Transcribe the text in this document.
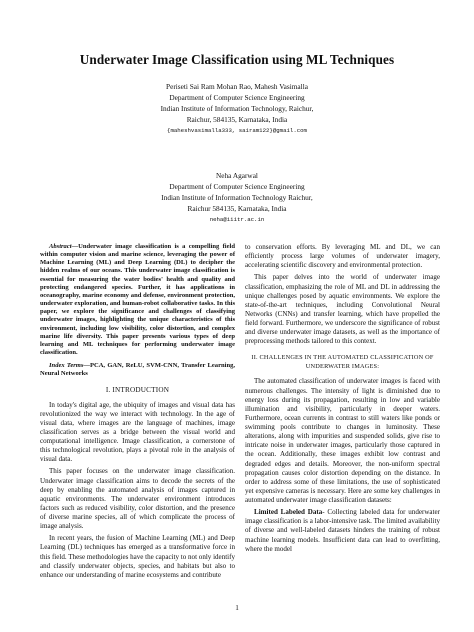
Underwater Image Classification using ML Techniques
Periseti Sai Ram Mohan Rao, Mahesh Vasimalla
Department of Computer Science Engineering
Indian Institute of Information Technology, Raichur,
Raichur, 584135, Karnataka, India
{maheshvasimalla333, sairam122}@gmail.com
Neha Agarwal
Department of Computer Science Engineering
Indian Institute of Information Technology Raichur,
Raichur 584135, Karnataka, India
neha@iiitr.ac.in
Abstract—Underwater image classification is a compelling field within computer vision and marine science, leveraging the power of Machine Learning (ML) and Deep Learning (DL) to decipher the hidden realms of our oceans. This underwater image classification is essential for measuring the water bodies' health and quality and protecting endangered species. Further, it has applications in oceanography, marine economy and defense, environment protection, underwater exploration, and human-robot collaborative tasks. In this paper, we explore the significance and challenges of classifying underwater images, highlighting the unique characteristics of this environment, including low visibility, color distortion, and complex marine life diversity. This paper presents various types of deep learning and ML techniques for performing underwater image classification.
Index Terms—PCA, GAN, ReLU, SVM-CNN, Transfer Learning, Neural Networks
I. INTRODUCTION

In today's digital age, the ubiquity of images and visual data has revolutionized the way we interact with technology. In the age of visual data, where images are the language of machines, image classification serves as a bridge between the visual world and computational intelligence. Image classification, a cornerstone of this technological revolution, plays a pivotal role in the analysis of visual data.

This paper focuses on the underwater image classification. Underwater image classification aims to decode the secrets of the deep by enabling the automated analysis of images captured in aquatic environments. The underwater environment introduces factors such as reduced visibility, color distortion, and the presence of diverse marine species, all of which complicate the process of image analysis.

In recent years, the fusion of Machine Learning (ML) and Deep Learning (DL) techniques has emerged as a transformative force in this field. These methodologies have the capacity to not only identify and classify underwater objects, species, and habitats but also to enhance our understanding of marine ecosystems and contribute

to conservation efforts. By leveraging ML and DL, we can efficiently process large volumes of underwater imagery, accelerating scientific discovery and environmental protection.

This paper delves into the world of underwater image classification, emphasizing the role of ML and DL in addressing the unique challenges posed by aquatic environments. We explore the state-of-the-art techniques, including Convolutional Neural Networks (CNNs) and transfer learning, which have propelled the field forward. Furthermore, we underscore the significance of robust and diverse underwater image datasets, as well as the importance of preprocessing methods tailored to this context.

II. CHALLENGES IN THE AUTOMATED CLASSIFICATION OF UNDERWATER IMAGES:

The automated classification of underwater images is faced with numerous challenges. The intensity of light is diminished due to energy loss during its propagation, resulting in low and variable illumination and visibility, particularly in deeper waters. Furthermore, ocean currents in contrast to still waters like ponds or swimming pools contribute to changes in luminosity. These alterations, along with impurities and suspended solids, give rise to intricate noise in underwater images, particularly those captured in the ocean. Additionally, these images exhibit low contrast and degraded edges and details. Moreover, the non-uniform spectral propagation causes color distortion depending on the distance. In order to address some of these limitations, the use of sophisticated yet expensive cameras is necessary. Here are some key challenges in automated underwater image classification datasets:

Limited Labeled Data- Collecting labeled data for underwater image classification is a labor-intensive task. The limited availability of diverse and well-labeled datasets hinders the training of robust machine learning models. Insufficient data can lead to overfitting, where the model

1
